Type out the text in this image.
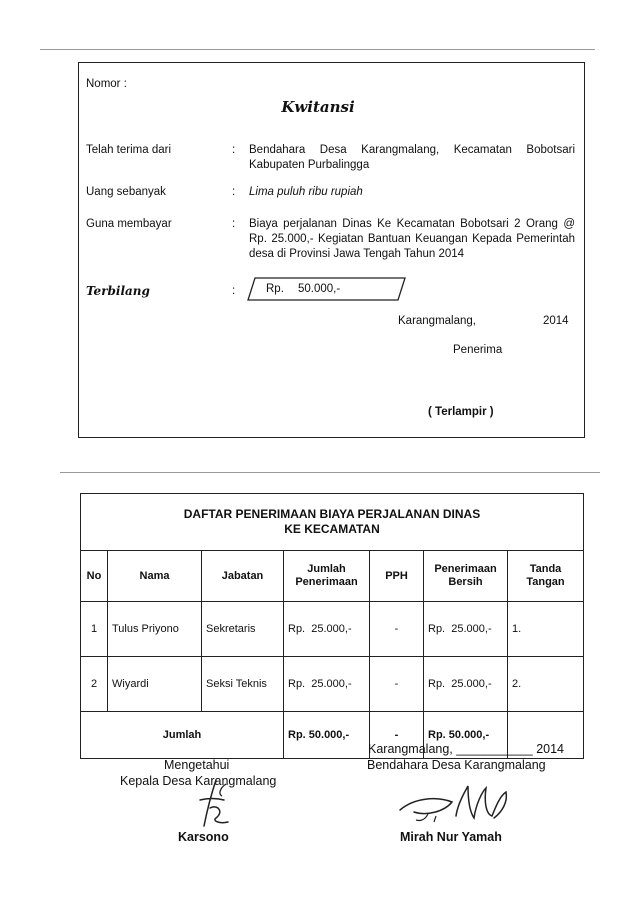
Nomor :
Kwitansi
Telah terima dari	: Bendahara Desa Karangmalang, Kecamatan Bobotsari Kabupaten Purbalingga
Uang sebanyak	: Lima puluh ribu rupiah
Guna membayar	: Biaya perjalanan Dinas Ke Kecamatan Bobotsari 2 Orang @ Rp. 25.000,- Kegiatan Bantuan Keuangan Kepada Pemerintah desa di Provinsi Jawa Tengah Tahun 2014
Terbilang	:	Rp. 50.000,-
Karangmalang,	2014
Penerima
( Terlampir )
DAFTAR PENERIMAAN BIAYA PERJALANAN DINAS
KE KECAMATAN						

No	Nama	Jabatan	Jumlah Penerimaan	PPH	Penerimaan Bersih	Tanda Tangan
1	Tulus Priyono	Sekretaris	Rp. 25.000,-	-	Rp. 25.000,-	1.
2	Wiyardi	Seksi Teknis	Rp. 25.000,-	-	Rp. 25.000,-	2.
Jumlah			Rp. 50.000,-	-	Rp. 50.000,-	
Karangmalang, ___________ 2014
Mengetahui	Bendahara Desa Karangmalang
Kepala Desa Karangmalang
Karsono	Mirah Nur Yamah
